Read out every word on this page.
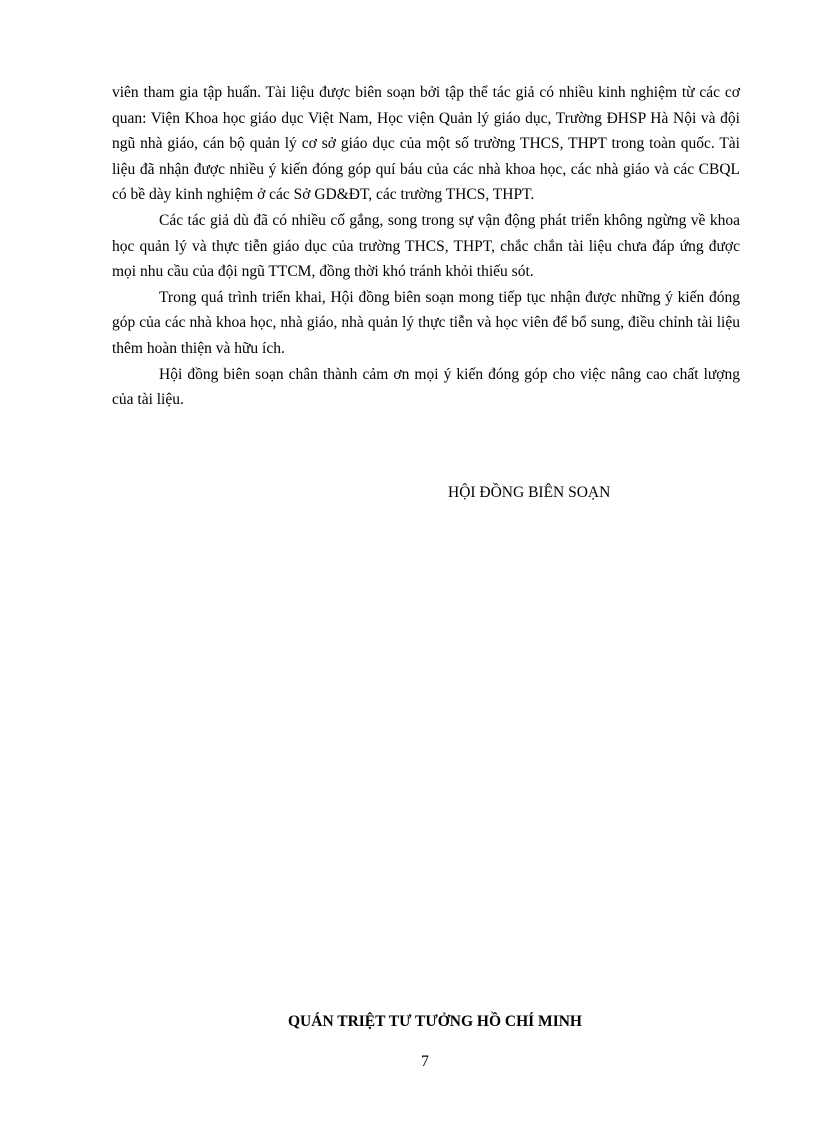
viên tham gia tập huấn. Tài liệu được biên soạn bởi tập thể tác giả có nhiều kinh nghiệm từ các cơ quan: Viện Khoa học giáo dục Việt Nam, Học viện Quản lý giáo dục, Trường ĐHSP Hà Nội và đội ngũ nhà giáo, cán bộ quản lý cơ sở giáo dục của một số trường THCS, THPT trong toàn quốc. Tài liệu đã nhận được nhiều ý kiến đóng góp quí báu của các nhà khoa học, các nhà giáo và các CBQL có bề dày kinh nghiệm ở các Sở GD&ĐT, các trường THCS, THPT.

Các tác giả dù đã có nhiều cố gắng, song trong sự vận động phát triển không ngừng về khoa học quản lý và thực tiễn giáo dục của trường THCS, THPT, chắc chắn tài liệu chưa đáp ứng được mọi nhu cầu của đội ngũ TTCM, đồng thời khó tránh khỏi thiếu sót.

Trong quá trình triển khai, Hội đồng biên soạn mong tiếp tục nhận được những ý kiến đóng góp của các nhà khoa học, nhà giáo, nhà quản lý thực tiễn và học viên để bổ sung, điều chỉnh tài liệu thêm hoàn thiện và hữu ích.

Hội đồng biên soạn chân thành cảm ơn mọi ý kiến đóng góp cho việc nâng cao chất lượng của tài liệu.

HỘI ĐỒNG BIÊN SOẠN
QUÁN TRIỆT TƯ TƯỞNG HỒ CHÍ MINH
7
